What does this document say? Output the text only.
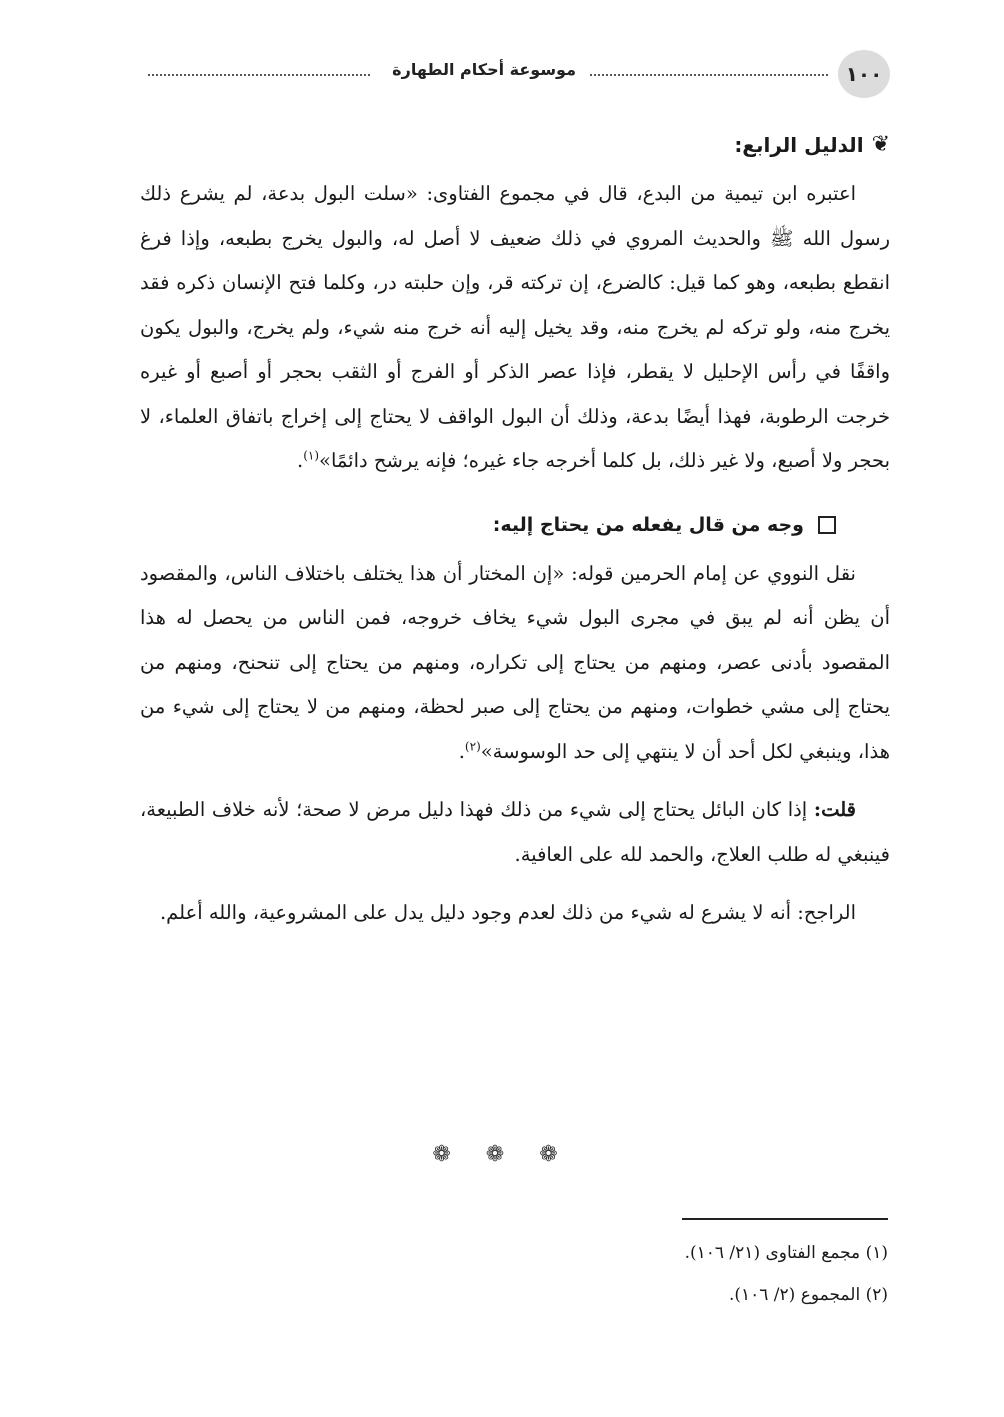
١٠٠
موسوعة أحكام الطهارة
❦
الدليل الرابع:

اعتبره ابن تيمية من البدع، قال في مجموع الفتاوى: «سلت البول بدعة، لم يشرع ذلك رسول الله ﷺ والحديث المروي في ذلك ضعيف لا أصل له، والبول يخرج بطبعه، وإذا فرغ انقطع بطبعه، وهو كما قيل: كالضرع، إن تركته قر، وإن حلبته در، وكلما فتح الإنسان ذكره فقد يخرج منه، ولو تركه لم يخرج منه، وقد يخيل إليه أنه خرج منه شيء، ولم يخرج، والبول يكون واقفًا في رأس الإحليل لا يقطر، فإذا عصر الذكر أو الفرج أو الثقب بحجر أو أصبع أو غيره خرجت الرطوبة، فهذا أيضًا بدعة، وذلك أن البول الواقف لا يحتاج إلى إخراج باتفاق العلماء، لا بحجر ولا أصبع، ولا غير ذلك، بل كلما أخرجه جاء غيره؛ فإنه يرشح دائمًا»$^{(١)}$.

وجه من قال يفعله من يحتاج إليه:

نقل النووي عن إمام الحرمين قوله: «إن المختار أن هذا يختلف باختلاف الناس، والمقصود أن يظن أنه لم يبق في مجرى البول شيء يخاف خروجه، فمن الناس من يحصل له هذا المقصود بأدنى عصر، ومنهم من يحتاج إلى تكراره، ومنهم من يحتاج إلى تنحنح، ومنهم من يحتاج إلى مشي خطوات، ومنهم من يحتاج إلى صبر لحظة، ومنهم من لا يحتاج إلى شيء من هذا، وينبغي لكل أحد أن لا ينتهي إلى حد الوسوسة»$^{(٢)}$.

قلت: إذا كان البائل يحتاج إلى شيء من ذلك فهذا دليل مرض لا صحة؛ لأنه خلاف الطبيعة، فينبغي له طلب العلاج، والحمد لله على العافية.

الراجح: أنه لا يشرع له شيء من ذلك لعدم وجود دليل يدل على المشروعية، والله أعلم.

❁ ❁ ❁
(١) مجمع الفتاوى (٢١/ ١٠٦).
(٢) المجموع (٢/ ١٠٦).
